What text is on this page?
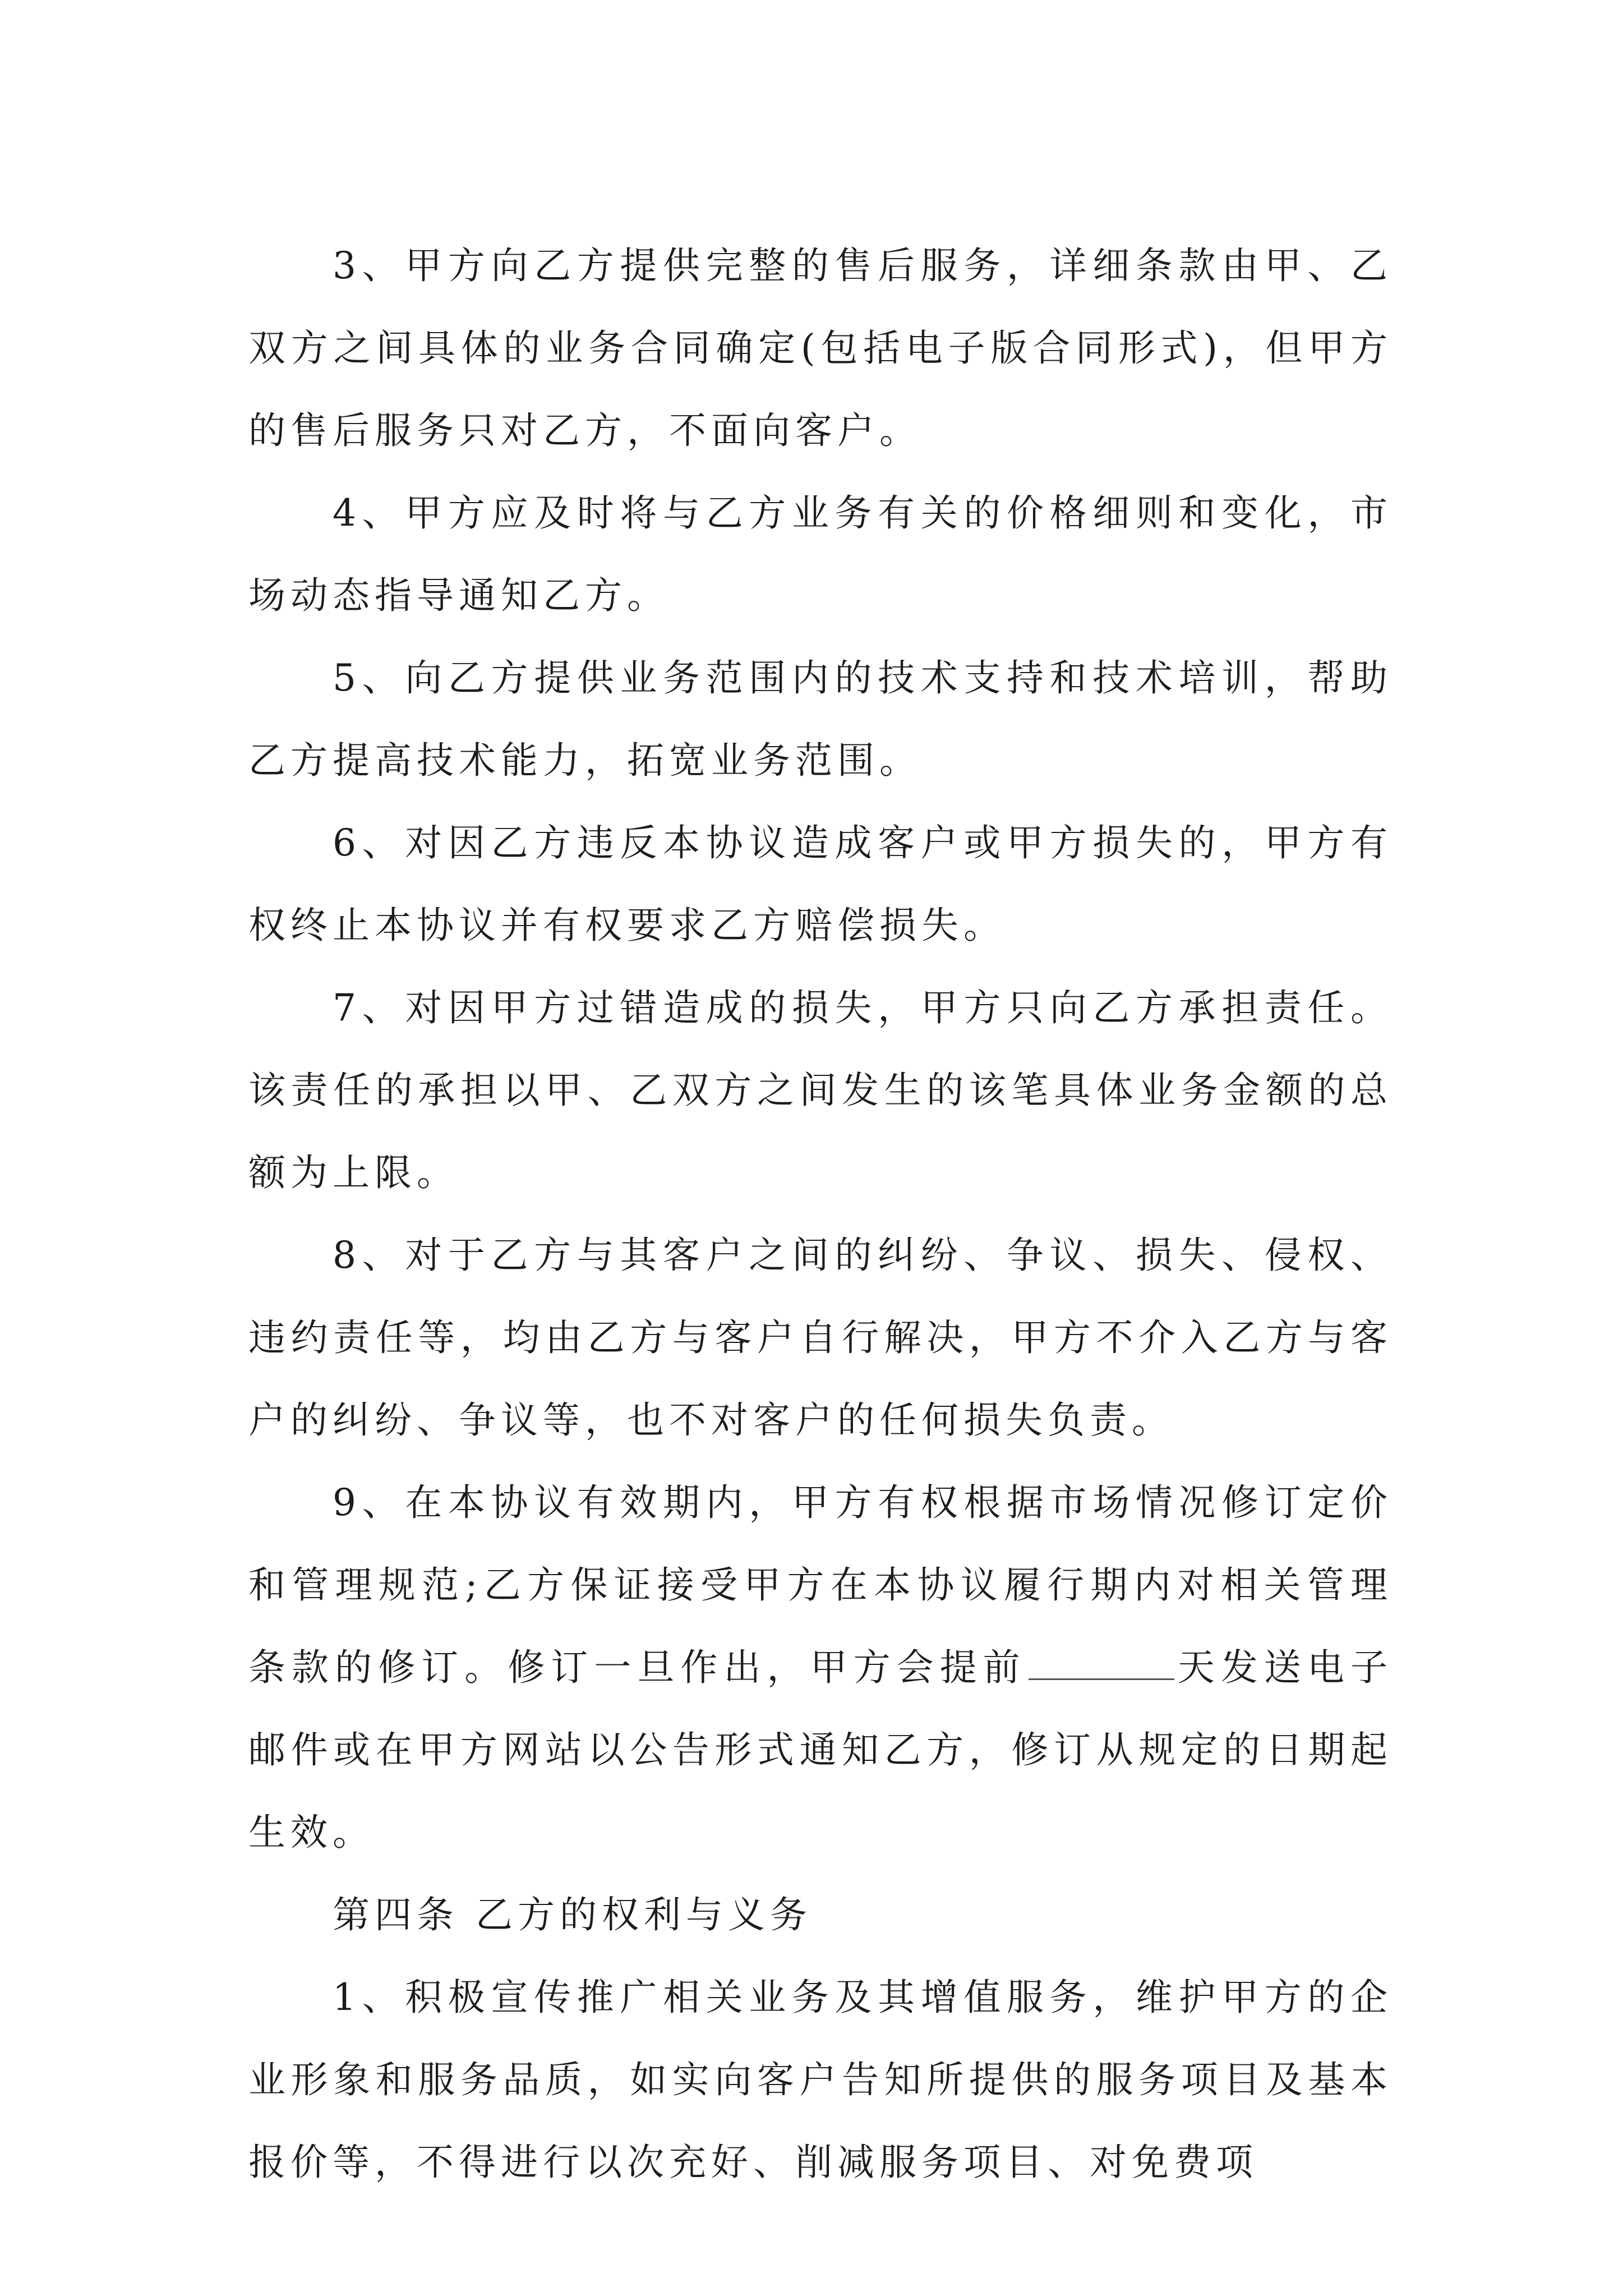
3、甲方向乙方提供完整的售后服务，详细条款由甲、乙双方之间具体的业务合同确定(包括电子版合同形式)，但甲方的售后服务只对乙方，不面向客户。

4、甲方应及时将与乙方业务有关的价格细则和变化，市场动态指导通知乙方。

5、向乙方提供业务范围内的技术支持和技术培训，帮助乙方提高技术能力，拓宽业务范围。

6、对因乙方违反本协议造成客户或甲方损失的，甲方有权终止本协议并有权要求乙方赔偿损失。

7、对因甲方过错造成的损失，甲方只向乙方承担责任。该责任的承担以甲、乙双方之间发生的该笔具体业务金额的总额为上限。

8、对于乙方与其客户之间的纠纷、争议、损失、侵权、违约责任等，均由乙方与客户自行解决，甲方不介入乙方与客户的纠纷、争议等，也不对客户的任何损失负责。

9、在本协议有效期内，甲方有权根据市场情况修订定价和管理规范;乙方保证接受甲方在本协议履行期内对相关管理条款的修订。修订一旦作出，甲方会提前	天发送电子邮件或在甲方网站以公告形式通知乙方，修订从规定的日期起生效。

第四条 乙方的权利与义务

1、积极宣传推广相关业务及其增值服务，维护甲方的企业形象和服务品质，如实向客户告知所提供的服务项目及基本报价等，不得进行以次充好、削减服务项目、对免费项
